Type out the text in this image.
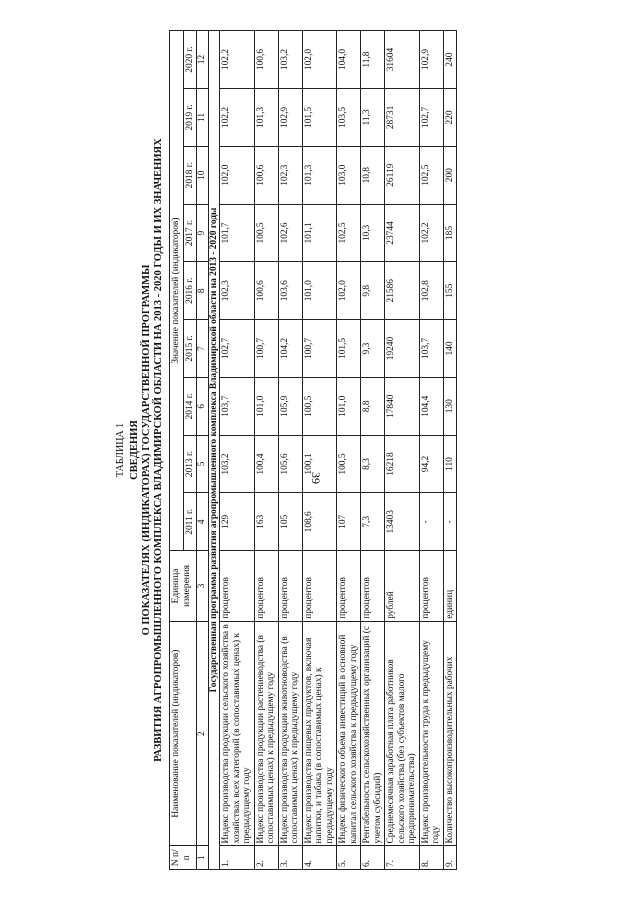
39
ТАБЛИЦА 1 СВЕДЕНИЯ О ПОКАЗАТЕЛЯХ (ИНДИКАТОРАХ) ГОСУДАРСТВЕННОЙ ПРОГРАММЫ РАЗВИТИЯ АГРОПРОМЫШЛЕННОГО КОМПЛЕКСА ВЛАДИМИРСКОЙ ОБЛАСТИ НА 2013 - 2020 ГОДЫ И ИХ ЗНАЧЕНИЯХ
N п/п	Наименование показателей (индикаторов)	Единица измерения	Значение показателей (индикаторов)								
			2011 г.	2013 г.	2014 г.	2015 г.	2016 г.	2017 г.	2018 г.	2019 г.	2020 г.
1	2	3	4	5	6	7	8	9	10	11	12
Государственная программа развития агропромышленного комплекса Владимирской области на 2013 - 2020 годы											
1.	Индекс производства продукции сельского хозяйства в хозяйствах всех категорий (в сопоставимых ценах) к предыдущему году	процентов	129	103,2	103,7	102,7	102,3	101,7	102,0	102,2	102,2
2.	Индекс производства продукции растениеводства (в сопоставимых ценах) к предыдущему году	процентов	163	100,4	101,0	100,7	100,6	100,5	100,6	101,3	100,6
3.	Индекс производства продукции животноводства (в сопоставимых ценах) к предыдущему году	процентов	105	105,6	105,9	104,2	103,6	102,6	102,3	102,9	103,2
4.	Индекс производства пищевых продуктов, включая напитки, и табака (в сопоставимых ценах) к предыдущему году	процентов	108,6	100,1	100,5	100,7	101,0	101,1	101,3	101,5	102,0
5.	Индекс физического объема инвестиций в основной капитал сельского хозяйства к предыдущему году	процентов	107	100,5	101,0	101,5	102,0	102,5	103,0	103,5	104,0
6.	Рентабельность сельскохозяйственных организаций (с учетом субсидий)	процентов	7,3	8,3	8,8	9,3	9,8	10,3	10,8	11,3	11,8
7.	Среднемесячная заработная плата работников сельского хозяйства (без субъектов малого предпринимательства)	рублей	13403	16218	17840	19240	21586	23744	26119	28731	31604
8.	Индекс производительности труда к предыдущему году	процентов	-	94,2	104,4	103,7	102,8	102,2	102,5	102,7	102,9
9.	Количество высокопроизводительных рабочих	единиц	-	110	130	140	155	185	200	220	240
